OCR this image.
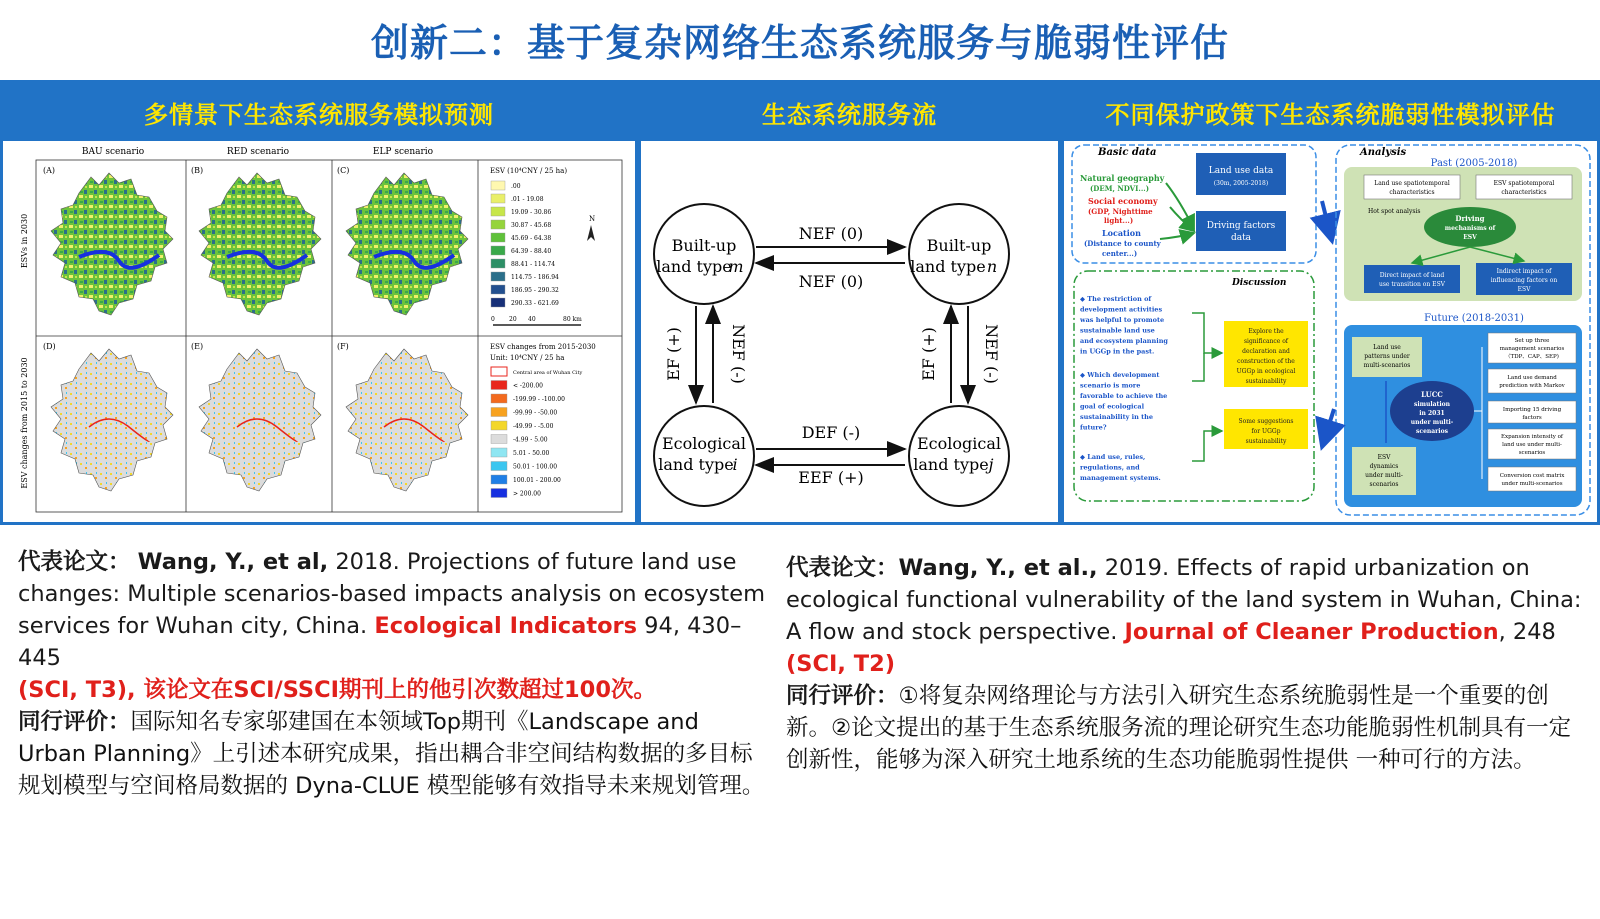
创新二：基于复杂网络生态系统服务与脆弱性评估
多情景下生态系统服务模拟预测
BAU scenario	RED scenario	ELP scenario
ESVs in 2030
ESV changes from 2015 to 2030
(A)	(B)	(C)
(D)	(E)	(F)
ESV (10⁴CNY / 25 ha)
.00
.01 - 19.08
19.09 - 30.86
30.87 - 45.68
45.69 - 64.38
64.39 - 88.40
88.41 - 114.74
114.75 - 186.94
186.95 - 290.32
290.33 - 621.69
N
0 20 40	80 km
ESV changes from 2015-2030
Unit: 10⁴CNY / 25 ha
Central area of Wuhan City
< -200.00
-199.99 - -100.00
-99.99 - -50.00
-49.99 - -5.00
-4.99 - 5.00
5.01 - 50.00
50.01 - 100.00
100.01 - 200.00
> 200.00
生态系统服务流
Built-up
land type
m
Built-up
land type n
Ecological
land type
i
Ecological
land type j
NEF (0)
NEF (0)
DEF (-)
EEF (+)
EF (+)	NEF (-)	EF (+)	NEF (-)
不同保护政策下生态系统脆弱性模拟评估
Basic data
Natural geography
(DEM, NDVI...)
Social economy
(GDP, Nighttime
light...)
Location
(Distance to county
center...)
Land use data
(30m, 2005-2018)
Driving factors
data
Analysis
Past (2005-2018)
Land use spatiotemporal
characteristics
ESV spatiotemporal
characteristics
Hot spot analysis
Driving
mechanisms of
ESV
Direct impact of land
use transition on ESV
Indirect impact of
influencing factors on
ESV
Future (2018-2031)
Land use
patterns under
multi-scenarios
LUCC
simulation
in 2031
under multi-
scenarios
ESV
dynamics
under multi-
scenarios
Set up three
management scenarios
（TDP、CAP、SEP)
Land use demand
prediction with Markov
Importing 15 driving
factors
Expansion intensity of
land use under multi-
scenarios
Conversion cost matrix
under multi-scenarios
Discussion
◆ The restriction of
development activities
was helpful to promote
sustainable land use
and ecosystem planning
in UGGp in the past.
◆ Which development
scenario is more
favorable to achieve the
goal of ecological
sustainability in the
future?
◆ Land use, rules,
regulations, and
management systems.
Explore the
significance of
declaration and
construction of the
UGGp in ecological
sustainability
Some suggestions
for UGGp
sustainability
代表论文： Wang, Y., et al, 2018. Projections of future land use changes: Multiple scenarios-based impacts analysis on ecosystem services for Wuhan city, China. Ecological Indicators 94, 430–445
(SCI, T3), 该论文在SCI/SSCI期刊上的他引次数超过100次。
同行评价：国际知名专家邬建国在本领域Top期刊《Landscape and Urban Planning》上引述本研究成果，指出耦合非空间结构数据的多目标规划模型与空间格局数据的 Dyna-CLUE 模型能够有效指导未来规划管理。
代表论文：Wang, Y., et al., 2019. Effects of rapid urbanization on ecological functional vulnerability of the land system in Wuhan, China: A flow and stock perspective. Journal of Cleaner Production, 248 (SCI, T2)
同行评价：①将复杂网络理论与方法引入研究生态系统脆弱性是一个重要的创新。②论文提出的基于生态系统服务流的理论研究生态功能脆弱性机制具有一定创新性，能够为深入研究土地系统的生态功能脆弱性提供 一种可行的方法。
